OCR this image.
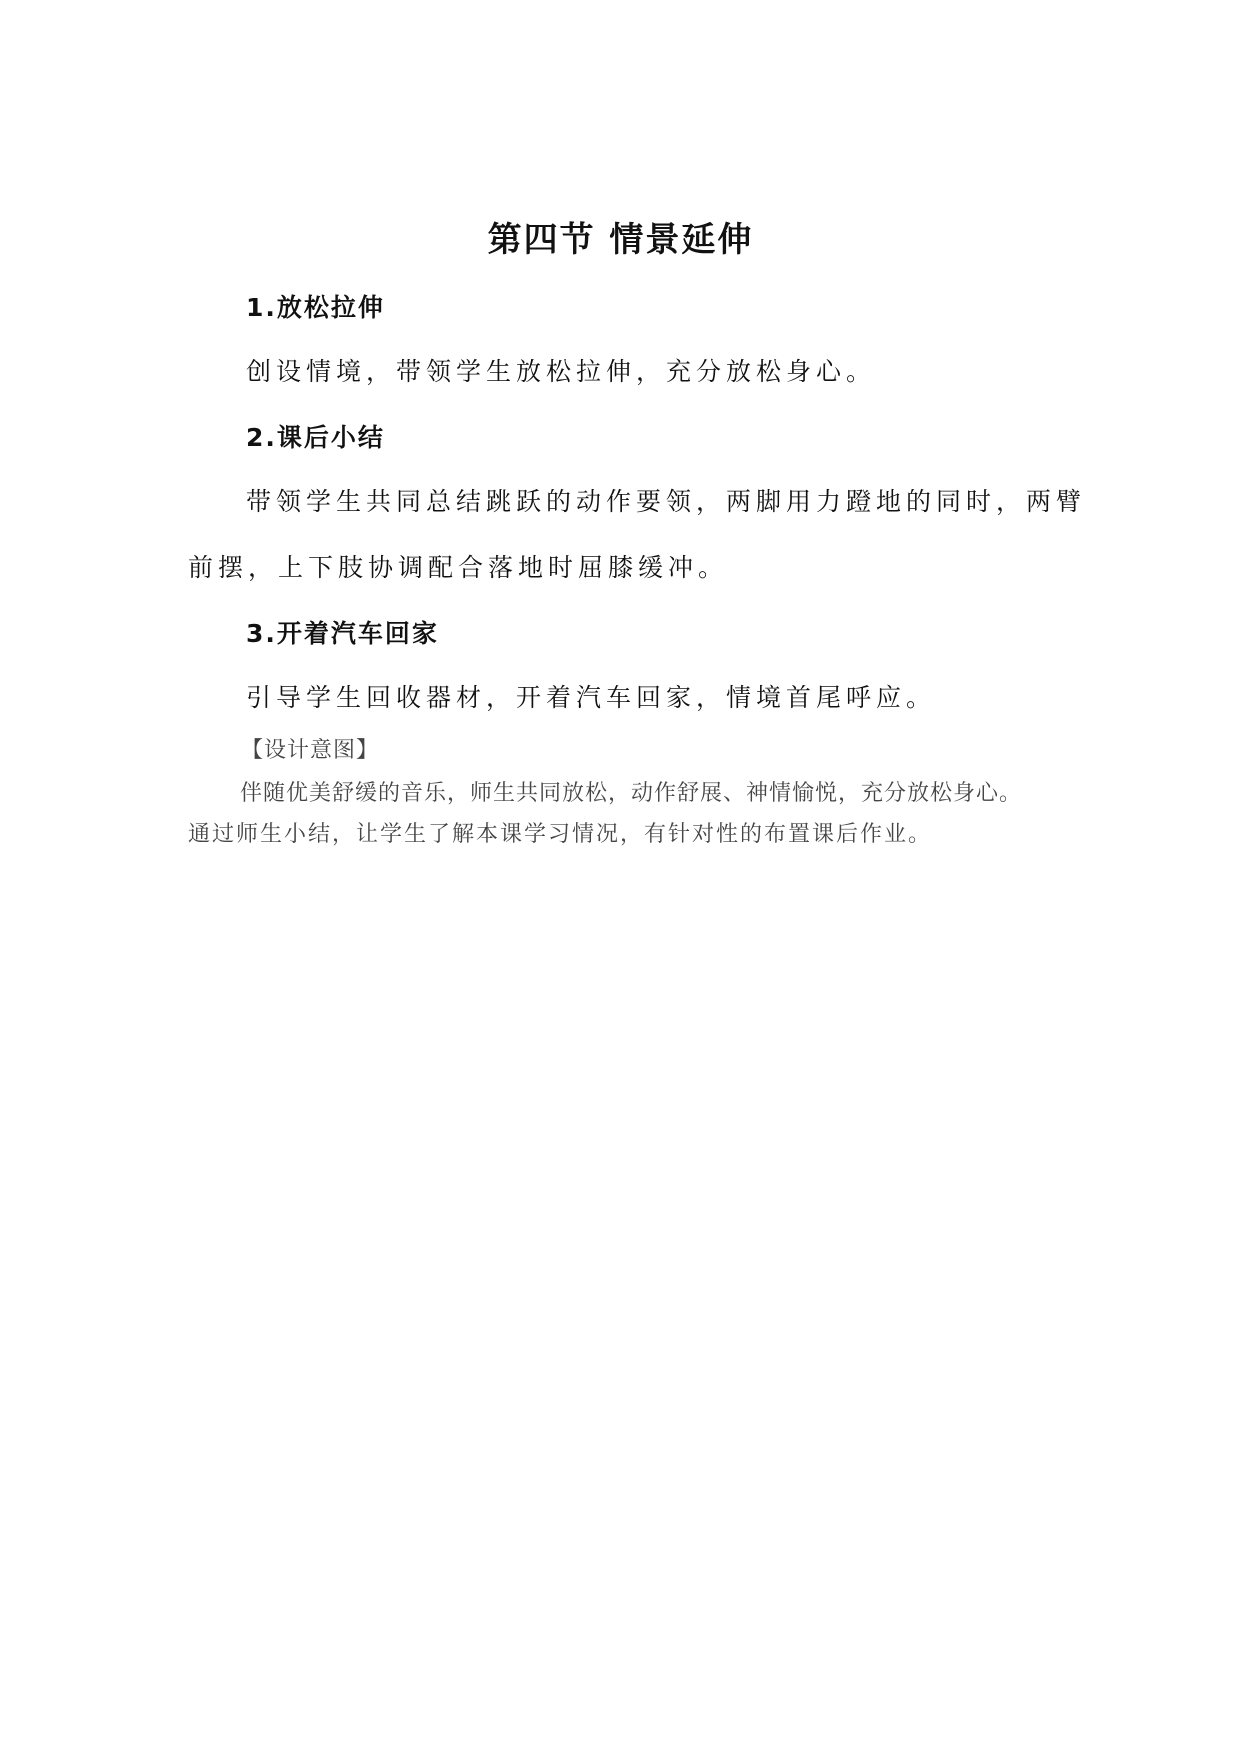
第四节 情景延伸
1.放松拉伸
创设情境，带领学生放松拉伸，充分放松身心。
2.课后小结
带领学生共同总结跳跃的动作要领，两脚用力蹬地的同时，两臂
前摆，上下肢协调配合落地时屈膝缓冲。
3.开着汽车回家
引导学生回收器材，开着汽车回家，情境首尾呼应。
【设计意图】
伴随优美舒缓的音乐，师生共同放松，动作舒展、神情愉悦，充分放松身心。
通过师生小结，让学生了解本课学习情况，有针对性的布置课后作业。
